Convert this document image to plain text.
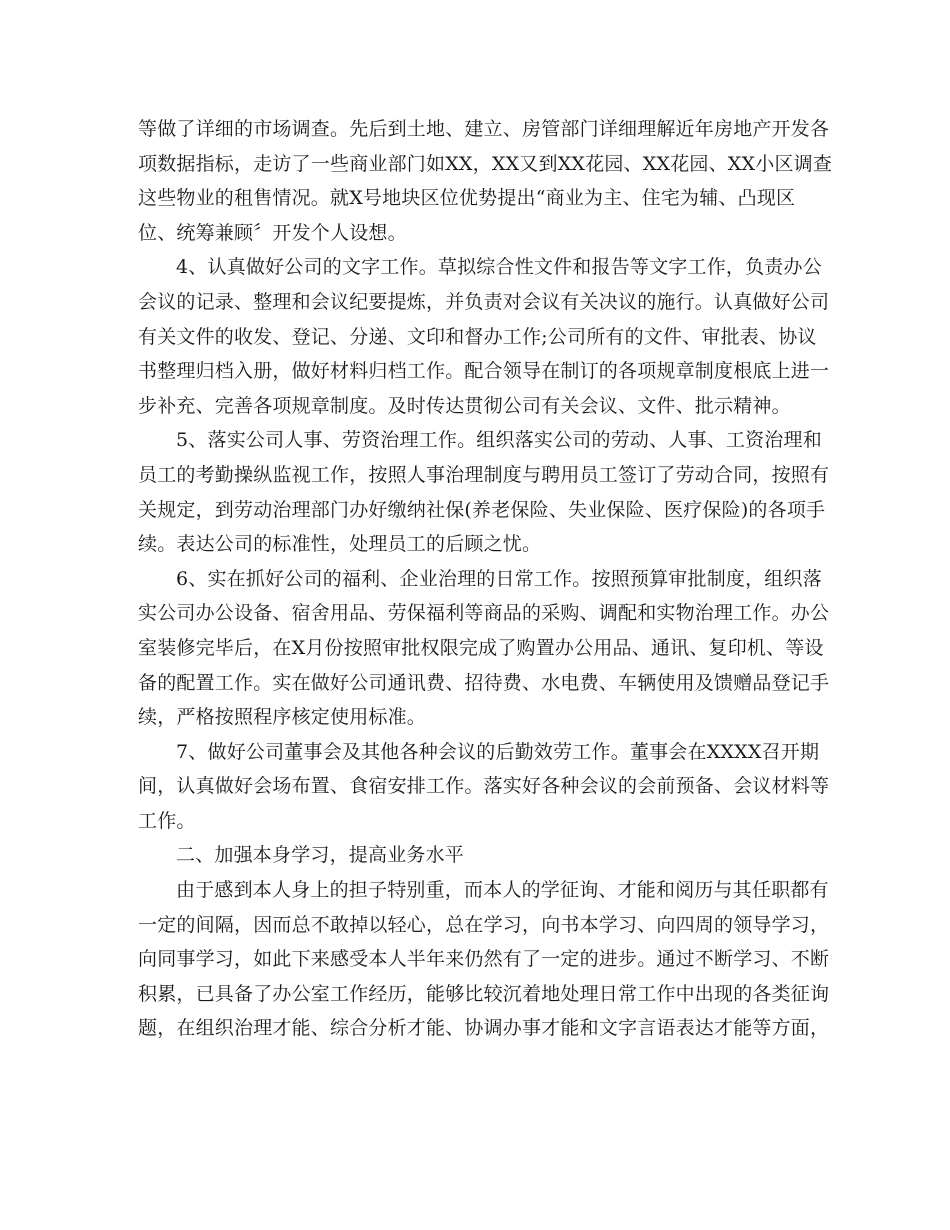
等做了详细的市场调查。先后到土地、建立、房管部门详细理解近年房地产开发各
项数据指标，走访了一些商业部门如XX，XX又到XX花园、XX花园、XX小区调查
这些物业的租售情况。就X号地块区位优势提出“商业为主、住宅为辅、凸现区
位、统筹兼顾〞开发个人设想。
4、认真做好公司的文字工作。草拟综合性文件和报告等文字工作，负责办公
会议的记录、整理和会议纪要提炼，并负责对会议有关决议的施行。认真做好公司
有关文件的收发、登记、分递、文印和督办工作;公司所有的文件、审批表、协议
书整理归档入册，做好材料归档工作。配合领导在制订的各项规章制度根底上进一
步补充、完善各项规章制度。及时传达贯彻公司有关会议、文件、批示精神。
5、落实公司人事、劳资治理工作。组织落实公司的劳动、人事、工资治理和
员工的考勤操纵监视工作，按照人事治理制度与聘用员工签订了劳动合同，按照有
关规定，到劳动治理部门办好缴纳社保(养老保险、失业保险、医疗保险)的各项手
续。表达公司的标准性，处理员工的后顾之忧。
6、实在抓好公司的福利、企业治理的日常工作。按照预算审批制度，组织落
实公司办公设备、宿舍用品、劳保福利等商品的采购、调配和实物治理工作。办公
室装修完毕后，在X月份按照审批权限完成了购置办公用品、通讯、复印机、等设
备的配置工作。实在做好公司通讯费、招待费、水电费、车辆使用及馈赠品登记手
续，严格按照程序核定使用标准。
7、做好公司董事会及其他各种会议的后勤效劳工作。董事会在XXXX召开期
间，认真做好会场布置、食宿安排工作。落实好各种会议的会前预备、会议材料等
工作。
二、加强本身学习，提高业务水平
由于感到本人身上的担子特别重，而本人的学征询、才能和阅历与其任职都有
一定的间隔，因而总不敢掉以轻心，总在学习，向书本学习、向四周的领导学习，
向同事学习，如此下来感受本人半年来仍然有了一定的进步。通过不断学习、不断
积累，已具备了办公室工作经历，能够比较沉着地处理日常工作中出现的各类征询
题，在组织治理才能、综合分析才能、协调办事才能和文字言语表达才能等方面，
